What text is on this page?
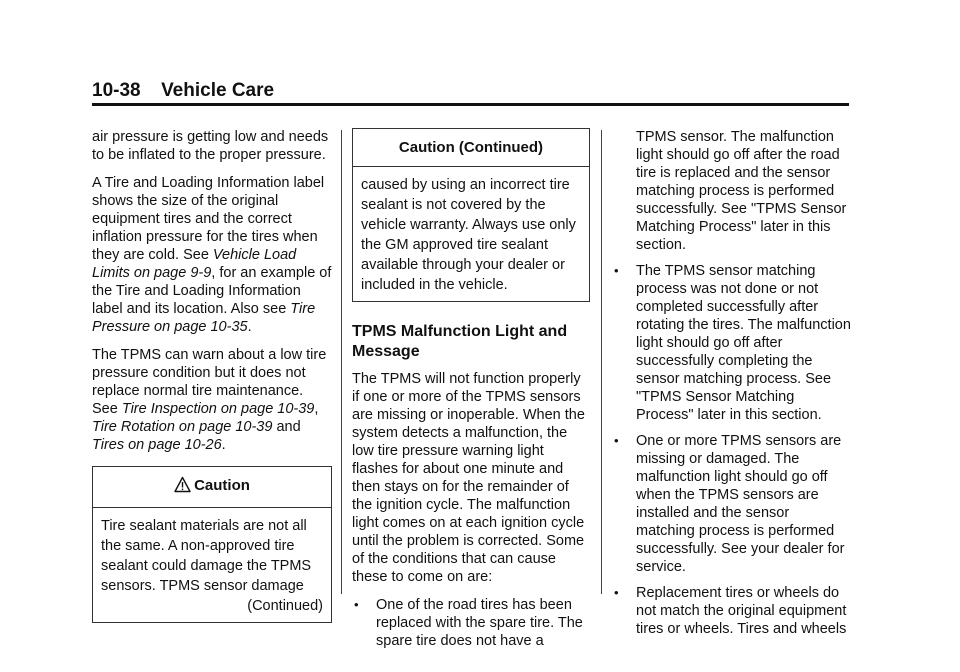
10-38 Vehicle Care

air pressure is getting low and needs to be inflated to the proper pressure.

A Tire and Loading Information label shows the size of the original equipment tires and the correct inflation pressure for the tires when they are cold. See Vehicle Load Limits on page 9-9, for an example of the Tire and Loading Information label and its location. Also see Tire Pressure on page 10-35.

The TPMS can warn about a low tire pressure condition but it does not replace normal tire maintenance. See Tire Inspection on page 10-39, Tire Rotation on page 10-39 and Tires on page 10-26.

Caution
Tire sealant materials are not all the same. A non-approved tire sealant could damage the TPMS sensors. TPMS sensor damage
(Continued)
Caution (Continued)
caused by using an incorrect tire sealant is not covered by the vehicle warranty. Always use only the GM approved tire sealant available through your dealer or included in the vehicle.
TPMS Malfunction Light and Message

The TPMS will not function properly if one or more of the TPMS sensors are missing or inoperable. When the system detects a malfunction, the low tire pressure warning light flashes for about one minute and then stays on for the remainder of the ignition cycle. The malfunction light comes on at each ignition cycle until the problem is corrected. Some of the conditions that can cause these to come on are:

• One of the road tires has been replaced with the spare tire. The spare tire does not have a
TPMS sensor. The malfunction light should go off after the road tire is replaced and the sensor matching process is performed successfully. See "TPMS Sensor Matching Process" later in this section.
• The TPMS sensor matching process was not done or not completed successfully after rotating the tires. The malfunction light should go off after successfully completing the sensor matching process. See "TPMS Sensor Matching Process" later in this section.
• One or more TPMS sensors are missing or damaged. The malfunction light should go off when the TPMS sensors are installed and the sensor matching process is performed successfully. See your dealer for service.
• Replacement tires or wheels do not match the original equipment tires or wheels. Tires and wheels
